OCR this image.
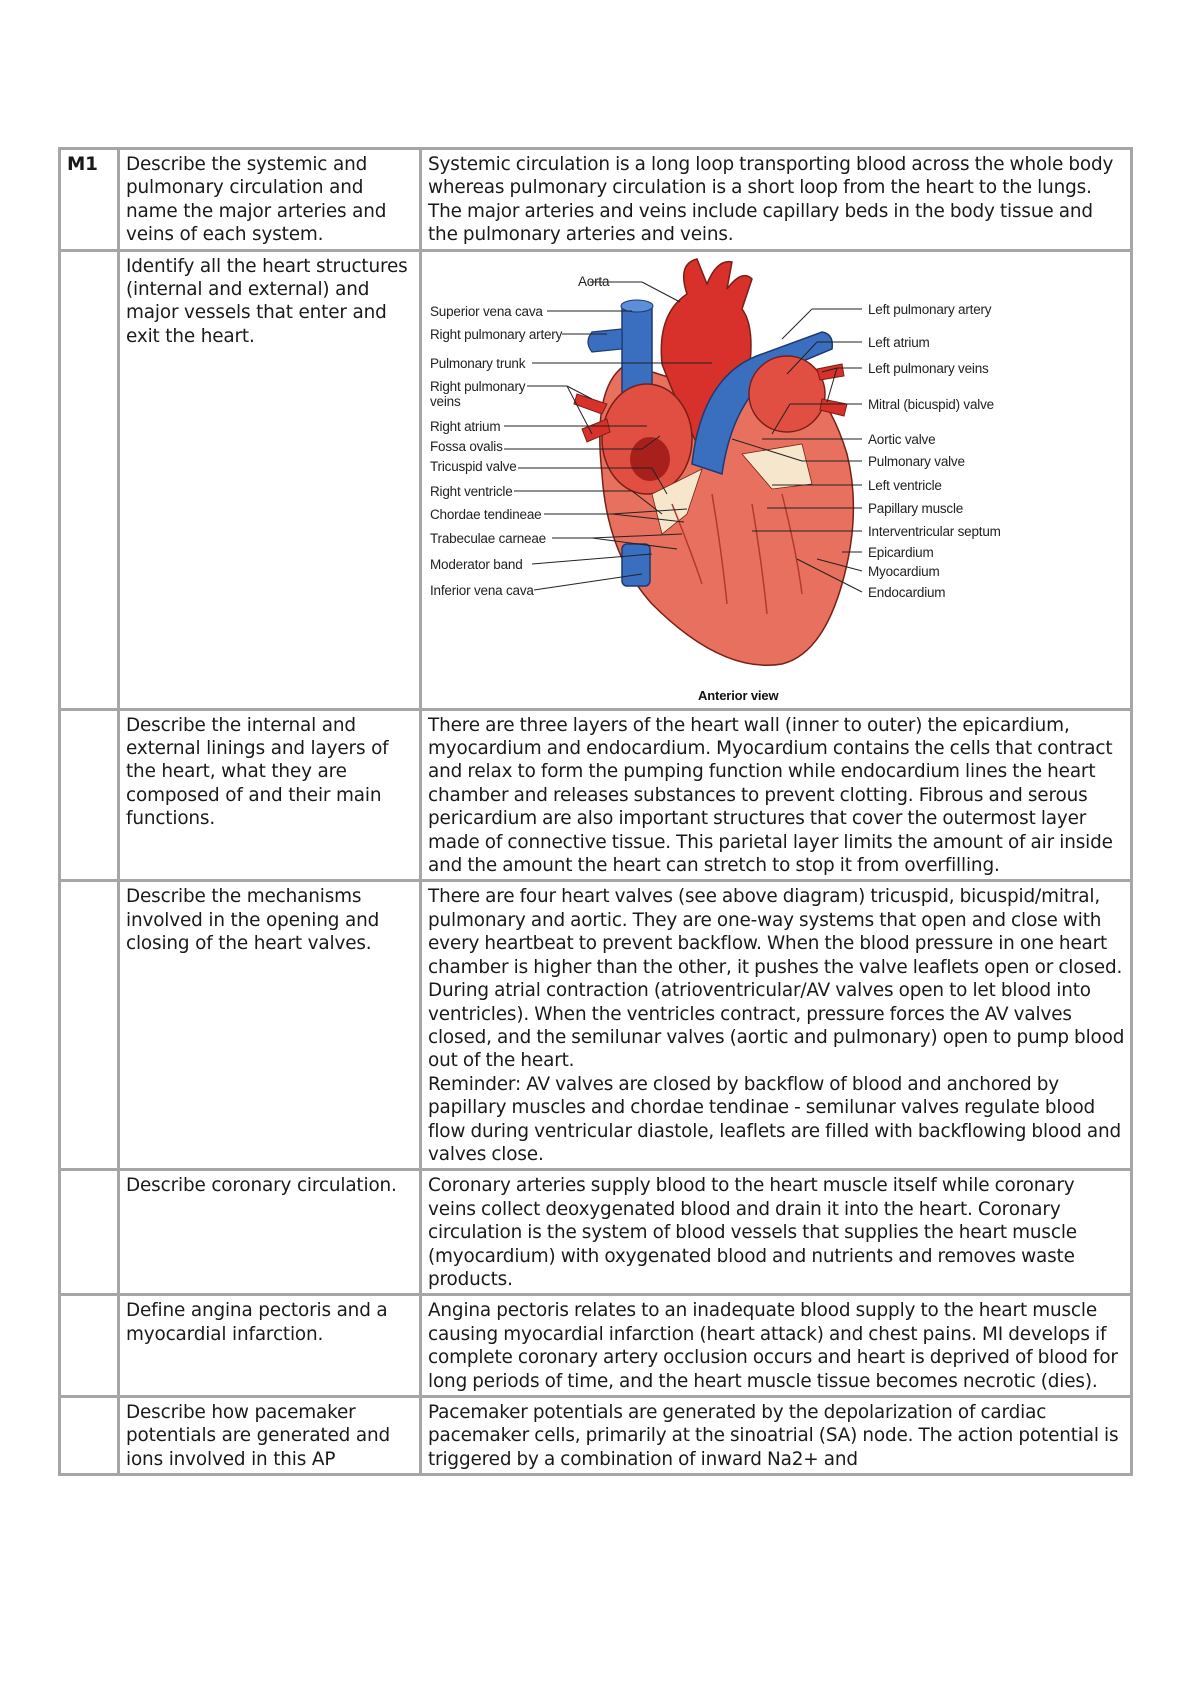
M1	Describe the systemic and pulmonary circulation and name the major arteries and veins of each system.	Systemic circulation is a long loop transporting blood across the whole body whereas pulmonary circulation is a short loop from the heart to the lungs. The major arteries and veins include capillary beds in the body tissue and the pulmonary arteries and veins.
	Identify all the heart structures (internal and external) and major vessels that enter and exit the heart.	
Aorta
Superior vena cava
Right pulmonary artery
Pulmonary trunk
Right pulmonary veins
Right atrium
Fossa ovalis
Tricuspid valve
Right ventricle
Chordae tendineae
Trabeculae carneae
Moderator band
Inferior vena cava
Left pulmonary artery
Left atrium
Left pulmonary veins
Mitral (bicuspid) valve
Aortic valve
Pulmonary valve
Left ventricle
Papillary muscle
Interventricular septum
Epicardium
Myocardium
Endocardium
Anterior view

	Describe the internal and external linings and layers of the heart, what they are composed of and their main functions.	There are three layers of the heart wall (inner to outer) the epicardium, myocardium and endocardium. Myocardium contains the cells that contract and relax to form the pumping function while endocardium lines the heart chamber and releases substances to prevent clotting. Fibrous and serous pericardium are also important structures that cover the outermost layer made of connective tissue. This parietal layer limits the amount of air inside and the amount the heart can stretch to stop it from overfilling.
	Describe the mechanisms involved in the opening and closing of the heart valves.	There are four heart valves (see above diagram) tricuspid, bicuspid/mitral, pulmonary and aortic. They are one-way systems that open and close with every heartbeat to prevent backflow. When the blood pressure in one heart chamber is higher than the other, it pushes the valve leaflets open or closed. During atrial contraction (atrioventricular/AV valves open to let blood into ventricles). When the ventricles contract, pressure forces the AV valves closed, and the semilunar valves (aortic and pulmonary) open to pump blood out of the heart.

Reminder: AV valves are closed by backflow of blood and anchored by papillary muscles and chordae tendinae - semilunar valves regulate blood flow during ventricular diastole, leaflets are filled with backflowing blood and valves close.

	Describe coronary circulation.	Coronary arteries supply blood to the heart muscle itself while coronary veins collect deoxygenated blood and drain it into the heart. Coronary circulation is the system of blood vessels that supplies the heart muscle (myocardium) with oxygenated blood and nutrients and removes waste products.
	Define angina pectoris and a myocardial infarction.	Angina pectoris relates to an inadequate blood supply to the heart muscle causing myocardial infarction (heart attack) and chest pains. MI develops if complete coronary artery occlusion occurs and heart is deprived of blood for long periods of time, and the heart muscle tissue becomes necrotic (dies).
	Describe how pacemaker potentials are generated and ions involved in this AP	Pacemaker potentials are generated by the depolarization of cardiac pacemaker cells, primarily at the sinoatrial (SA) node. The action potential is triggered by a combination of inward Na2+ and
